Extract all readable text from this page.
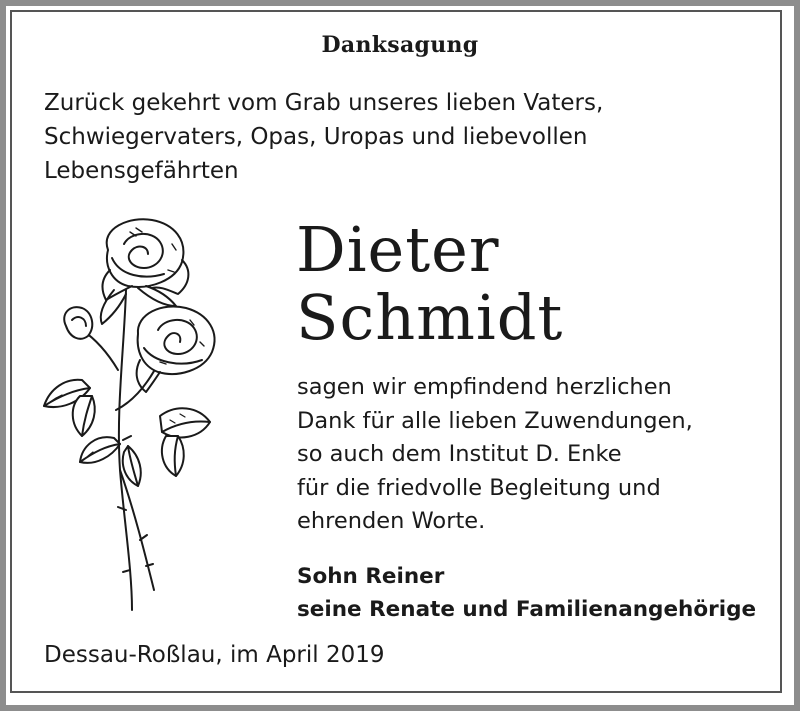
Danksagung
Zurück gekehrt vom Grab unseres lieben Vaters,
Schwiegervaters, Opas, Uropas und liebevollen
Lebensgefährten
Dieter
Schmidt
sagen wir empfindend herzlichen
Dank für alle lieben Zuwendungen,
so auch dem Institut D. Enke
für die friedvolle Begleitung und
ehrenden Worte.
Sohn Reiner
seine Renate und Familienangehörige
Dessau-Roßlau, im April 2019
